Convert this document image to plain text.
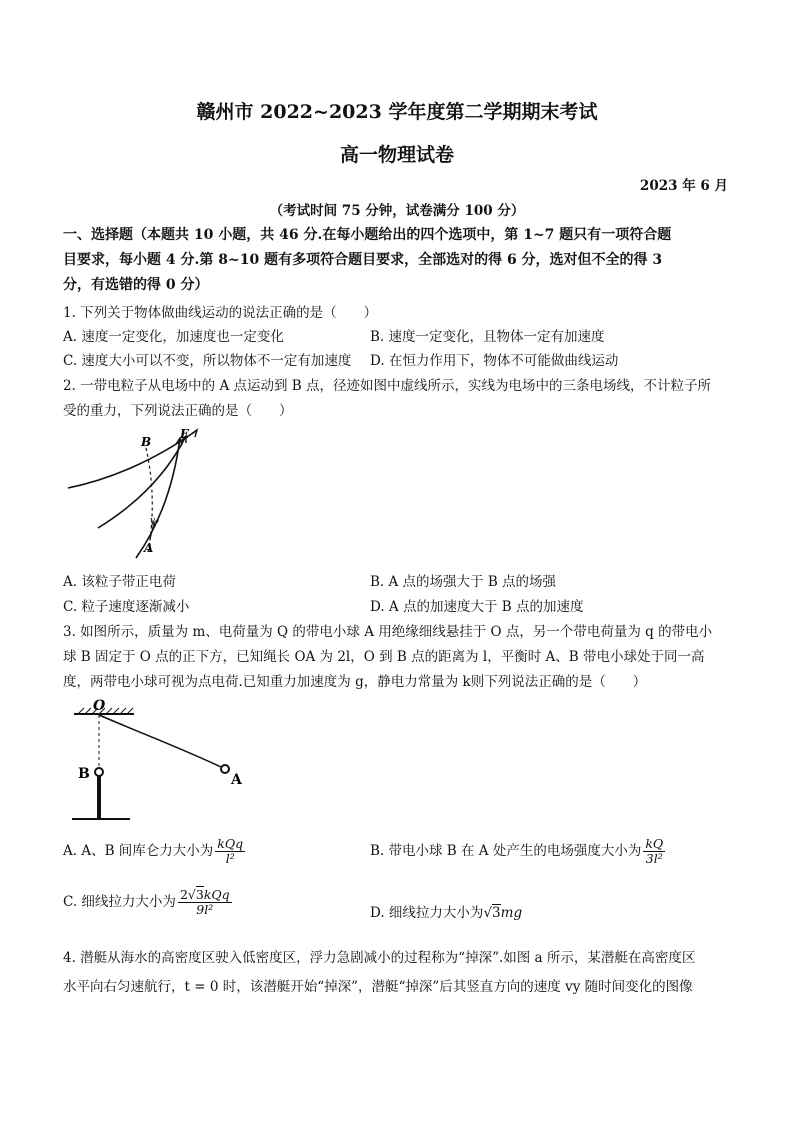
赣州市 2022~2023 学年度第二学期期末考试
高一物理试卷
2023 年 6 月
（考试时间 75 分钟，试卷满分 100 分）
一、选择题（本题共 10 小题，共 46 分.在每小题给出的四个选项中，第 1~7 题只有一项符合题
目要求，每小题 4 分.第 8~10 题有多项符合题目要求，全部选对的得 6 分，选对但不全的得 3
分，有选错的得 0 分）
1. 下列关于物体做曲线运动的说法正确的是（　　）
A. 速度一定变化，加速度也一定变化	B. 速度一定变化，且物体一定有加速度
C. 速度大小可以不变，所以物体不一定有加速度 D. 在恒力作用下，物体不可能做曲线运动
2. 一带电粒子从电场中的 A 点运动到 B 点，径迹如图中虚线所示，实线为电场中的三条电场线，不计粒子所
受的重力，下列说法正确的是（　　）
B
E
A
v₀
A. 该粒子带正电荷	B. A 点的场强大于 B 点的场强
C. 粒子速度逐渐减小	D. A 点的加速度大于 B 点的加速度
3. 如图所示，质量为 m、电荷量为 Q 的带电小球 A 用绝缘细线悬挂于 O 点，另一个带电荷量为 q 的带电小
球 B 固定于 O 点的正下方，已知绳长 OA 为 2l，O 到 B 点的距离为 l，平衡时 A、B 带电小球处于同一高
度，两带电小球可视为点电荷.已知重力加速度为 g，静电力常量为 k则下列说法正确的是（　　）
O
B	A
A. A、B 间库仑力大小为 $\frac{\text{kQq}}{\text{l²}}$	B. 带电小球 B 在 A 处产生的电场强度大小为 $\frac{kQ}{\text{3l²}}$
C. 细线拉力大小为 $\frac{\text{2√3kQq}}{\text{9l²}}$	D. 细线拉力大小为√3mg
4. 潜艇从海水的高密度区驶入低密度区，浮力急剧减小的过程称为“掉深”.如图 a 所示，某潜艇在高密度区
水平向右匀速航行，t = 0 时，该潜艇开始“掉深”，潜艇“掉深”后其竖直方向的速度 vy 随时间变化的图像
